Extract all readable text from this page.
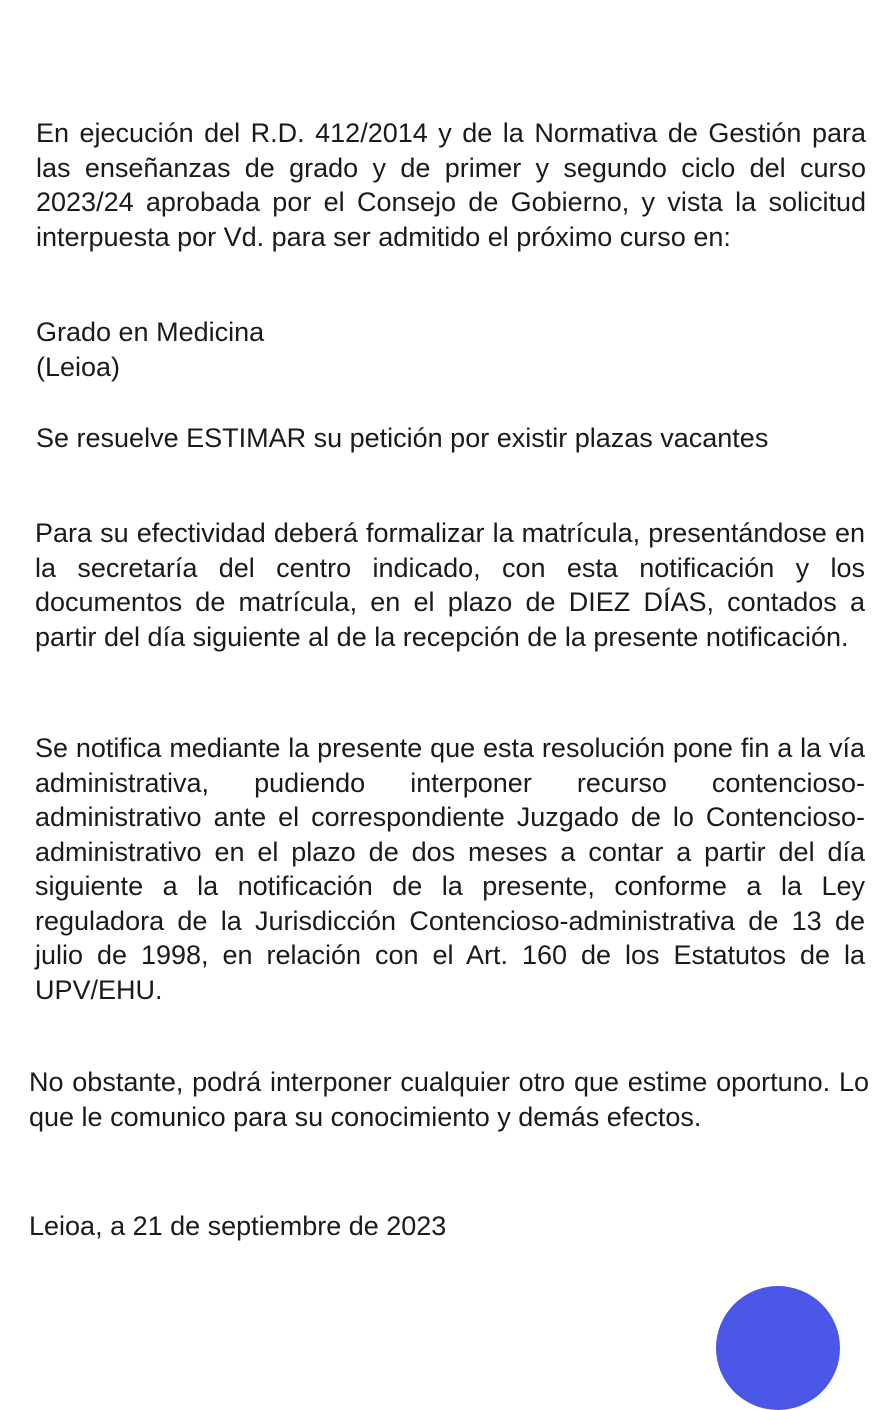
En ejecución del R.D. 412/2014 y de la Normativa de Gestión para las enseñanzas de grado y de primer y segundo ciclo del curso 2023/24 aprobada por el Consejo de Gobierno, y vista la solicitud interpuesta por Vd. para ser admitido el próximo curso en:

Grado en Medicina
(Leioa)

Se resuelve ESTIMAR su petición por existir plazas vacantes

Para su efectividad deberá formalizar la matrícula, presentándose en la secretaría del centro indicado, con esta notificación y los documentos de matrícula, en el plazo de DIEZ DÍAS, contados a partir del día siguiente al de la recepción de la presente notificación.

Se notifica mediante la presente que esta resolución pone fin a la vía administrativa, pudiendo interponer recurso contencioso-administrativo ante el correspondiente Juzgado de lo Contencioso-administrativo en el plazo de dos meses a contar a partir del día siguiente a la notificación de la presente, conforme a la Ley reguladora de la Jurisdicción Contencioso-administrativa de 13 de julio de 1998, en relación con el Art. 160 de los Estatutos de la UPV/EHU.

No obstante, podrá interponer cualquier otro que estime oportuno. Lo que le comunico para su conocimiento y demás efectos.

Leioa, a 21 de septiembre de 2023
